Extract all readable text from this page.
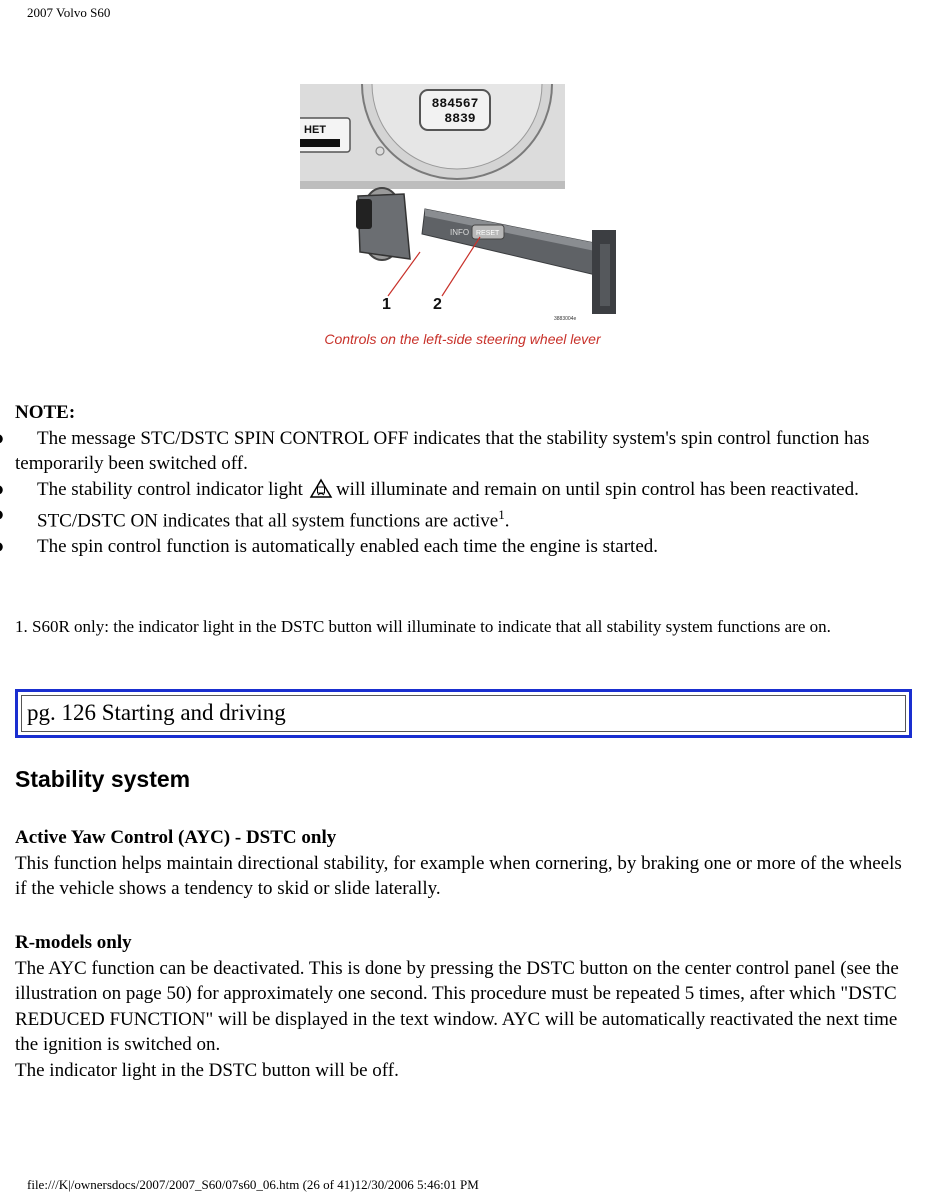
2007 Volvo S60
884567
8839
HET
INFO RESET
1	2
3883004e
Controls on the left-side steering wheel lever
NOTE:
● The message STC/DSTC SPIN CONTROL OFF indicates that the stability system's spin control function has temporarily been switched off.
● The stability control indicator light will illuminate and remain on until spin control has been reactivated.
● STC/DSTC ON indicates that all system functions are active$^1$.
● The spin control function is automatically enabled each time the engine is started.
1. S60R only: the indicator light in the DSTC button will illuminate to indicate that all stability system functions are on.
pg. 126 Starting and driving
Stability system
Active Yaw Control (AYC) - DSTC only
This function helps maintain directional stability, for example when cornering, by braking one or more of the wheels if the vehicle shows a tendency to skid or slide laterally.
R-models only
The AYC function can be deactivated. This is done by pressing the DSTC button on the center control panel (see the illustration on page 50) for approximately one second. This procedure must be repeated 5 times, after which "DSTC REDUCED FUNCTION" will be displayed in the text window. AYC will be automatically reactivated the next time the ignition is switched on.
The indicator light in the DSTC button will be off.
file:///K|/ownersdocs/2007/2007_S60/07s60_06.htm (26 of 41)12/30/2006 5:46:01 PM
